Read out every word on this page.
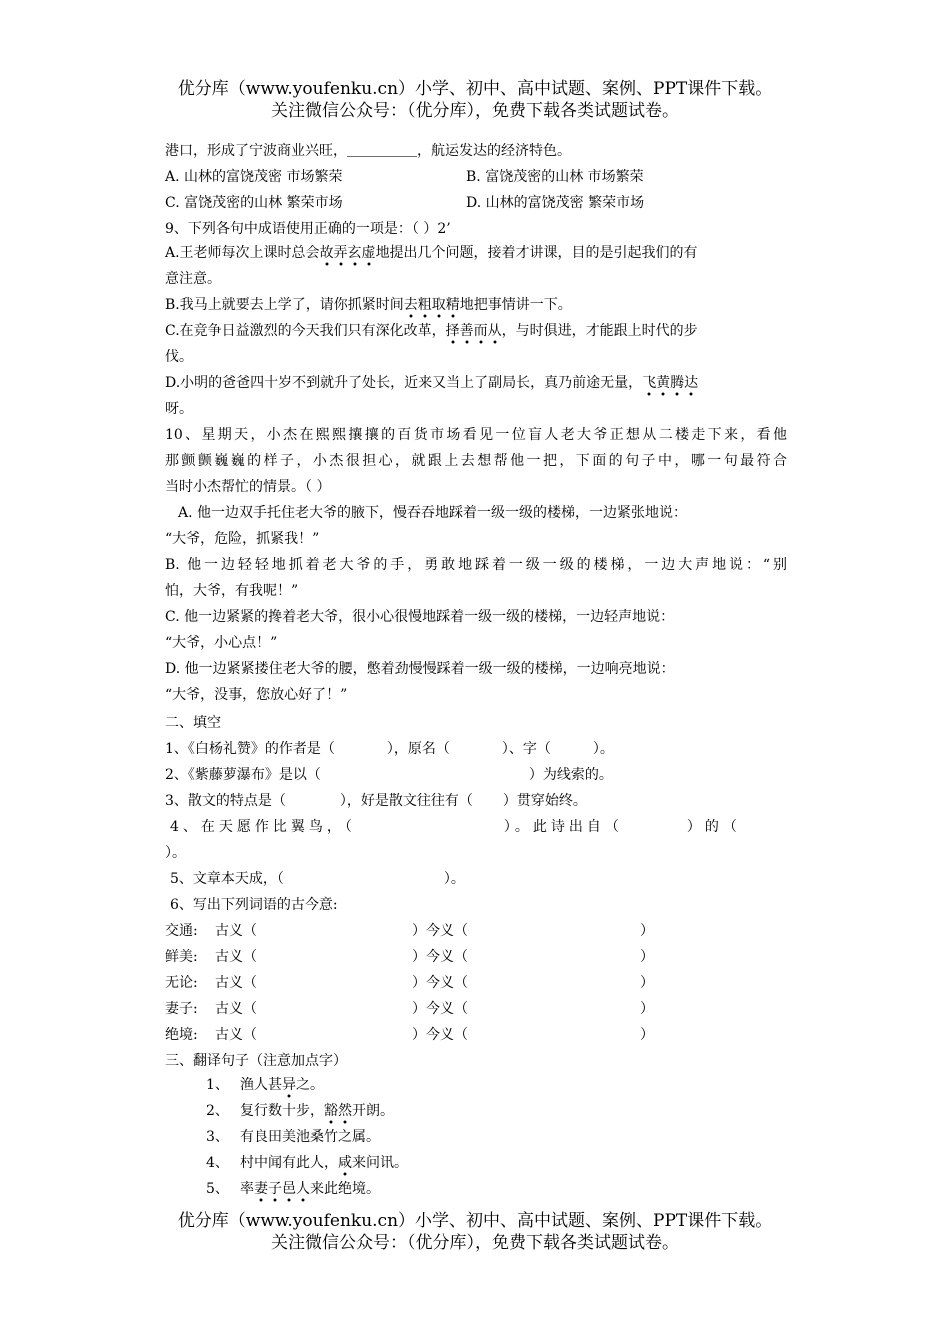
优分库（www.youfenku.cn）小学、初中、高中试题、案例、PPT课件下载。
关注微信公众号：（优分库），免费下载各类试题试卷。
港口，形成了宁波商业兴旺，＿＿＿＿＿，航运发达的经济特色。
A. 山林的富饶茂密 市场繁荣	B. 富饶茂密的山林 市场繁荣
C. 富饶茂密的山林 繁荣市场	D. 山林的富饶茂密 繁荣市场
9、下列各句中成语使用正确的一项是：（ ）2’
A.王老师每次上课时总会故弄玄虚地提出几个问题，接着才讲课，目的是引起我们的有
意注意。
B.我马上就要去上学了，请你抓紧时间去粗取精地把事情讲一下。
C.在竞争日益激烈的今天我们只有深化改革，择善而从，与时俱进，才能跟上时代的步
伐。
D.小明的爸爸四十岁不到就升了处长，近来又当上了副局长，真乃前途无量，飞黄腾达
呀。
10、星期天，小杰在熙熙攘攘的百货市场看见一位盲人老大爷正想从二楼走下来，看他
那颤颤巍巍的样子，小杰很担心，就跟上去想帮他一把，下面的句子中，哪一句最符合
当时小杰帮忙的情景。（ ）
A. 他一边双手托住老大爷的腋下，慢吞吞地踩着一级一级的楼梯，一边紧张地说：
“大爷，危险，抓紧我！”
B. 他一边轻轻地抓着老大爷的手，勇敢地踩着一级一级的楼梯，一边大声地说：“别
怕，大爷，有我呢！”
C. 他一边紧紧的搀着老大爷，很小心很慢地踩着一级一级的楼梯，一边轻声地说：
“大爷，小心点！”
D. 他一边紧紧搂住老大爷的腰，憋着劲慢慢踩着一级一级的楼梯，一边响亮地说：
“大爷，没事，您放心好了！”
二、填空
1、《白杨礼赞》的作者是（	），原名（	）、字（	）。
2、《紫藤萝瀑布》是以（	）为线索的。
3、散文的特点是（	），好是散文往往有（ ）贯穿始终。
4、在天愿作比翼鸟，（	）。此诗出自（	）的（
）。
5、文章本天成，（	）。
6、写出下列词语的古今意:
交通: 古义（	）今义（	）
鲜美: 古义（	）今义（	）
无论: 古义（	）今义（	）
妻子: 古义（	）今义（	）
绝境: 古义（	）今义（	）
三、翻译句子（注意加点字）
1、 渔人甚异之。
2、 复行数十步，豁然开朗。
3、 有良田美池桑竹之属。
4、 村中闻有此人，咸来问讯。
5、 率妻子邑人来此绝境。
优分库（www.youfenku.cn）小学、初中、高中试题、案例、PPT课件下载。
关注微信公众号：（优分库），免费下载各类试题试卷。
